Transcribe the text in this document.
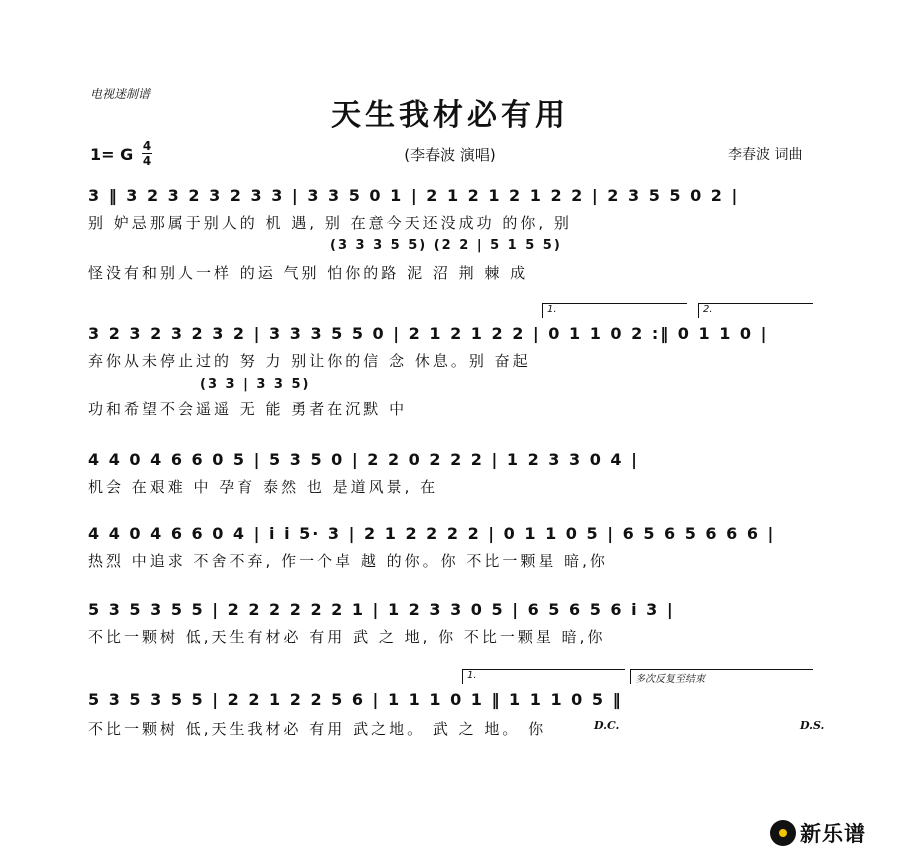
电视迷制谱
天生我材必有用
1= G 4
4	(李春波 演唱)	李春波 词曲
3 ‖ 3 2 3 2 3 2 3 3 | 3 3 5 0 1 | 2 1 2 1 2 1 2 2 | 2 3 5 5 0 2 |
别 妒忌那属于别人的 机 遇, 别 在意今天还没成功 的你, 别
(3 3 3 5 5) (2 2 | 5 1 5 5)
怪没有和别人一样 的运 气别 怕你的路 泥 沼 荆 棘 成
1.	2.
3 2 3 2 3 2 3 2 | 3 3 3 5 5 0 | 2 1 2 1 2 2 | 0 1 1 0 2 :‖ 0 1 1 0 |
弃你从未停止过的 努 力 别让你的信 念 休息。别 奋起
(3 3 | 3 3 5)
功和希望不会遥遥 无 能 勇者在沉默 中
4 4 0 4 6 6 0 5 | 5 3 5 0 | 2 2 0 2 2 2 | 1 2 3 3 0 4 |
机会 在艰难 中 孕育 泰然 也 是道风景, 在
4 4 0 4 6 6 0 4 | i i 5· 3 | 2 1 2 2 2 2 | 0 1 1 0 5 | 6 5 6 5 6 6 6 |
热烈 中追求 不舍不弃, 作一个卓 越 的你。你 不比一颗星 暗,你
5 3 5 3 5 5 | 2 2 2 2 2 2 1 | 1 2 3 3 0 5 | 6 5 6 5 6 i 3 |
不比一颗树 低,天生有材必 有用 武 之 地, 你 不比一颗星 暗,你
1.	多次反复至结束
5 3 5 3 5 5 | 2 2 1 2 2 5 6 | 1 1 1 0 1 ‖ 1 1 1 0 5 ‖
不比一颗树 低,天生我材必 有用 武之地。 武 之 地。 你	D.C.	D.S.
新乐谱
